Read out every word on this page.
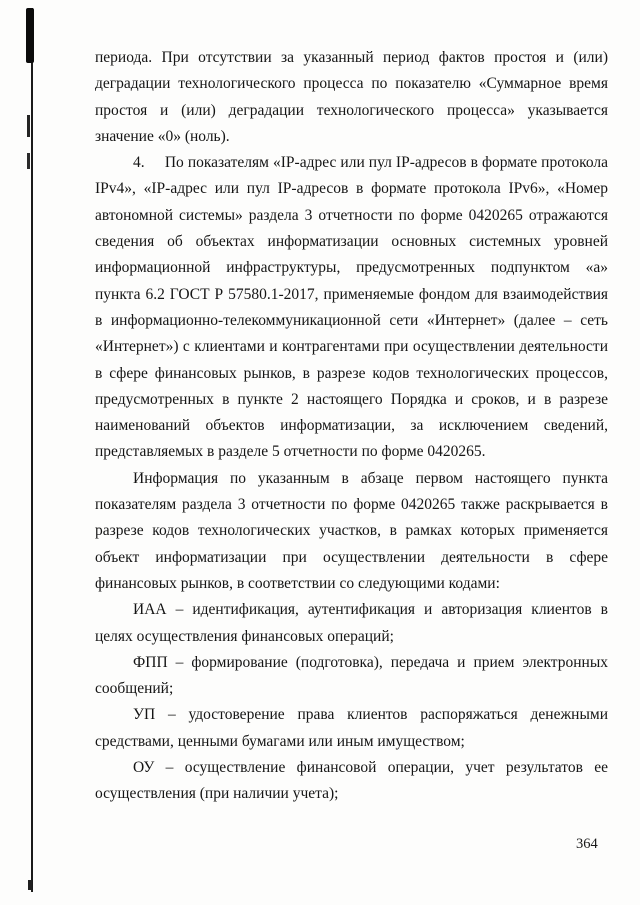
периода. При отсутствии за указанный период фактов простоя и (или) деградации технологического процесса по показателю «Суммарное время простоя и (или) деградации технологического процесса» указывается значение «0» (ноль).

4.     По показателям «IP-адрес или пул IP-адресов в формате протокола IPv4», «IP-адрес или пул IP-адресов в формате протокола IPv6», «Номер автономной системы» раздела 3 отчетности по форме 0420265 отражаются сведения об объектах информатизации основных системных уровней информационной инфраструктуры, предусмотренных подпунктом «а» пункта 6.2 ГОСТ Р 57580.1-2017, применяемые фондом для взаимодействия в информационно-телекоммуникационной сети «Интернет» (далее – сеть «Интернет») с клиентами и контрагентами при осуществлении деятельности в сфере финансовых рынков, в разрезе кодов технологических процессов, предусмотренных в пункте 2 настоящего Порядка и сроков, и в разрезе наименований объектов информатизации, за исключением сведений, представляемых в разделе 5 отчетности по форме 0420265.

Информация по указанным в абзаце первом настоящего пункта показателям раздела 3 отчетности по форме 0420265 также раскрывается в разрезе кодов технологических участков, в рамках которых применяется объект информатизации при осуществлении деятельности в сфере финансовых рынков, в соответствии со следующими кодами:

ИАА – идентификация, аутентификация и авторизация клиентов в целях осуществления финансовых операций;

ФПП – формирование (подготовка), передача и прием электронных сообщений;

УП – удостоверение права клиентов распоряжаться денежными средствами, ценными бумагами или иным имуществом;

ОУ – осуществление финансовой операции, учет результатов ее осуществления (при наличии учета);

364
